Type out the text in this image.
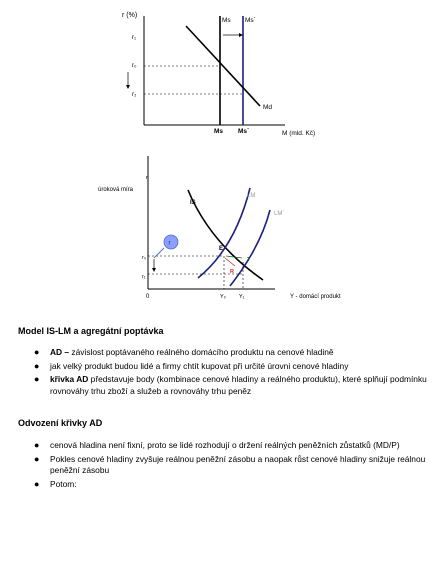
r (%)
r₁
r₀
r₂
Ms Ms´
Md
Ms Ms´	M (mld. Kč)
r
úroková míra
IS
LM
LM´
E
T
R
r₀
r₁
r
0	Y₀ Y₁	Y - domácí produkt
Model IS-LM a agregátní poptávka
● AD – závislost poptávaného reálného domácího produktu na cenové hladině
● jak velký produkt budou lidé a firmy chtít kupovat při určité úrovni cenové hladiny
● křivka AD představuje body (kombinace cenové hladiny a reálného produktu), které splňují podmínku rovnováhy trhu zboží a služeb a rovnováhy trhu peněz
Odvození křivky AD
● cenová hladina není fixní, proto se lidé rozhodují o držení reálných peněžních zůstatků (MD/P)
● Pokles cenové hladiny zvyšuje reálnou peněžní zásobu a naopak růst cenové hladiny snižuje reálnou peněžní zásobu
● Potom:
